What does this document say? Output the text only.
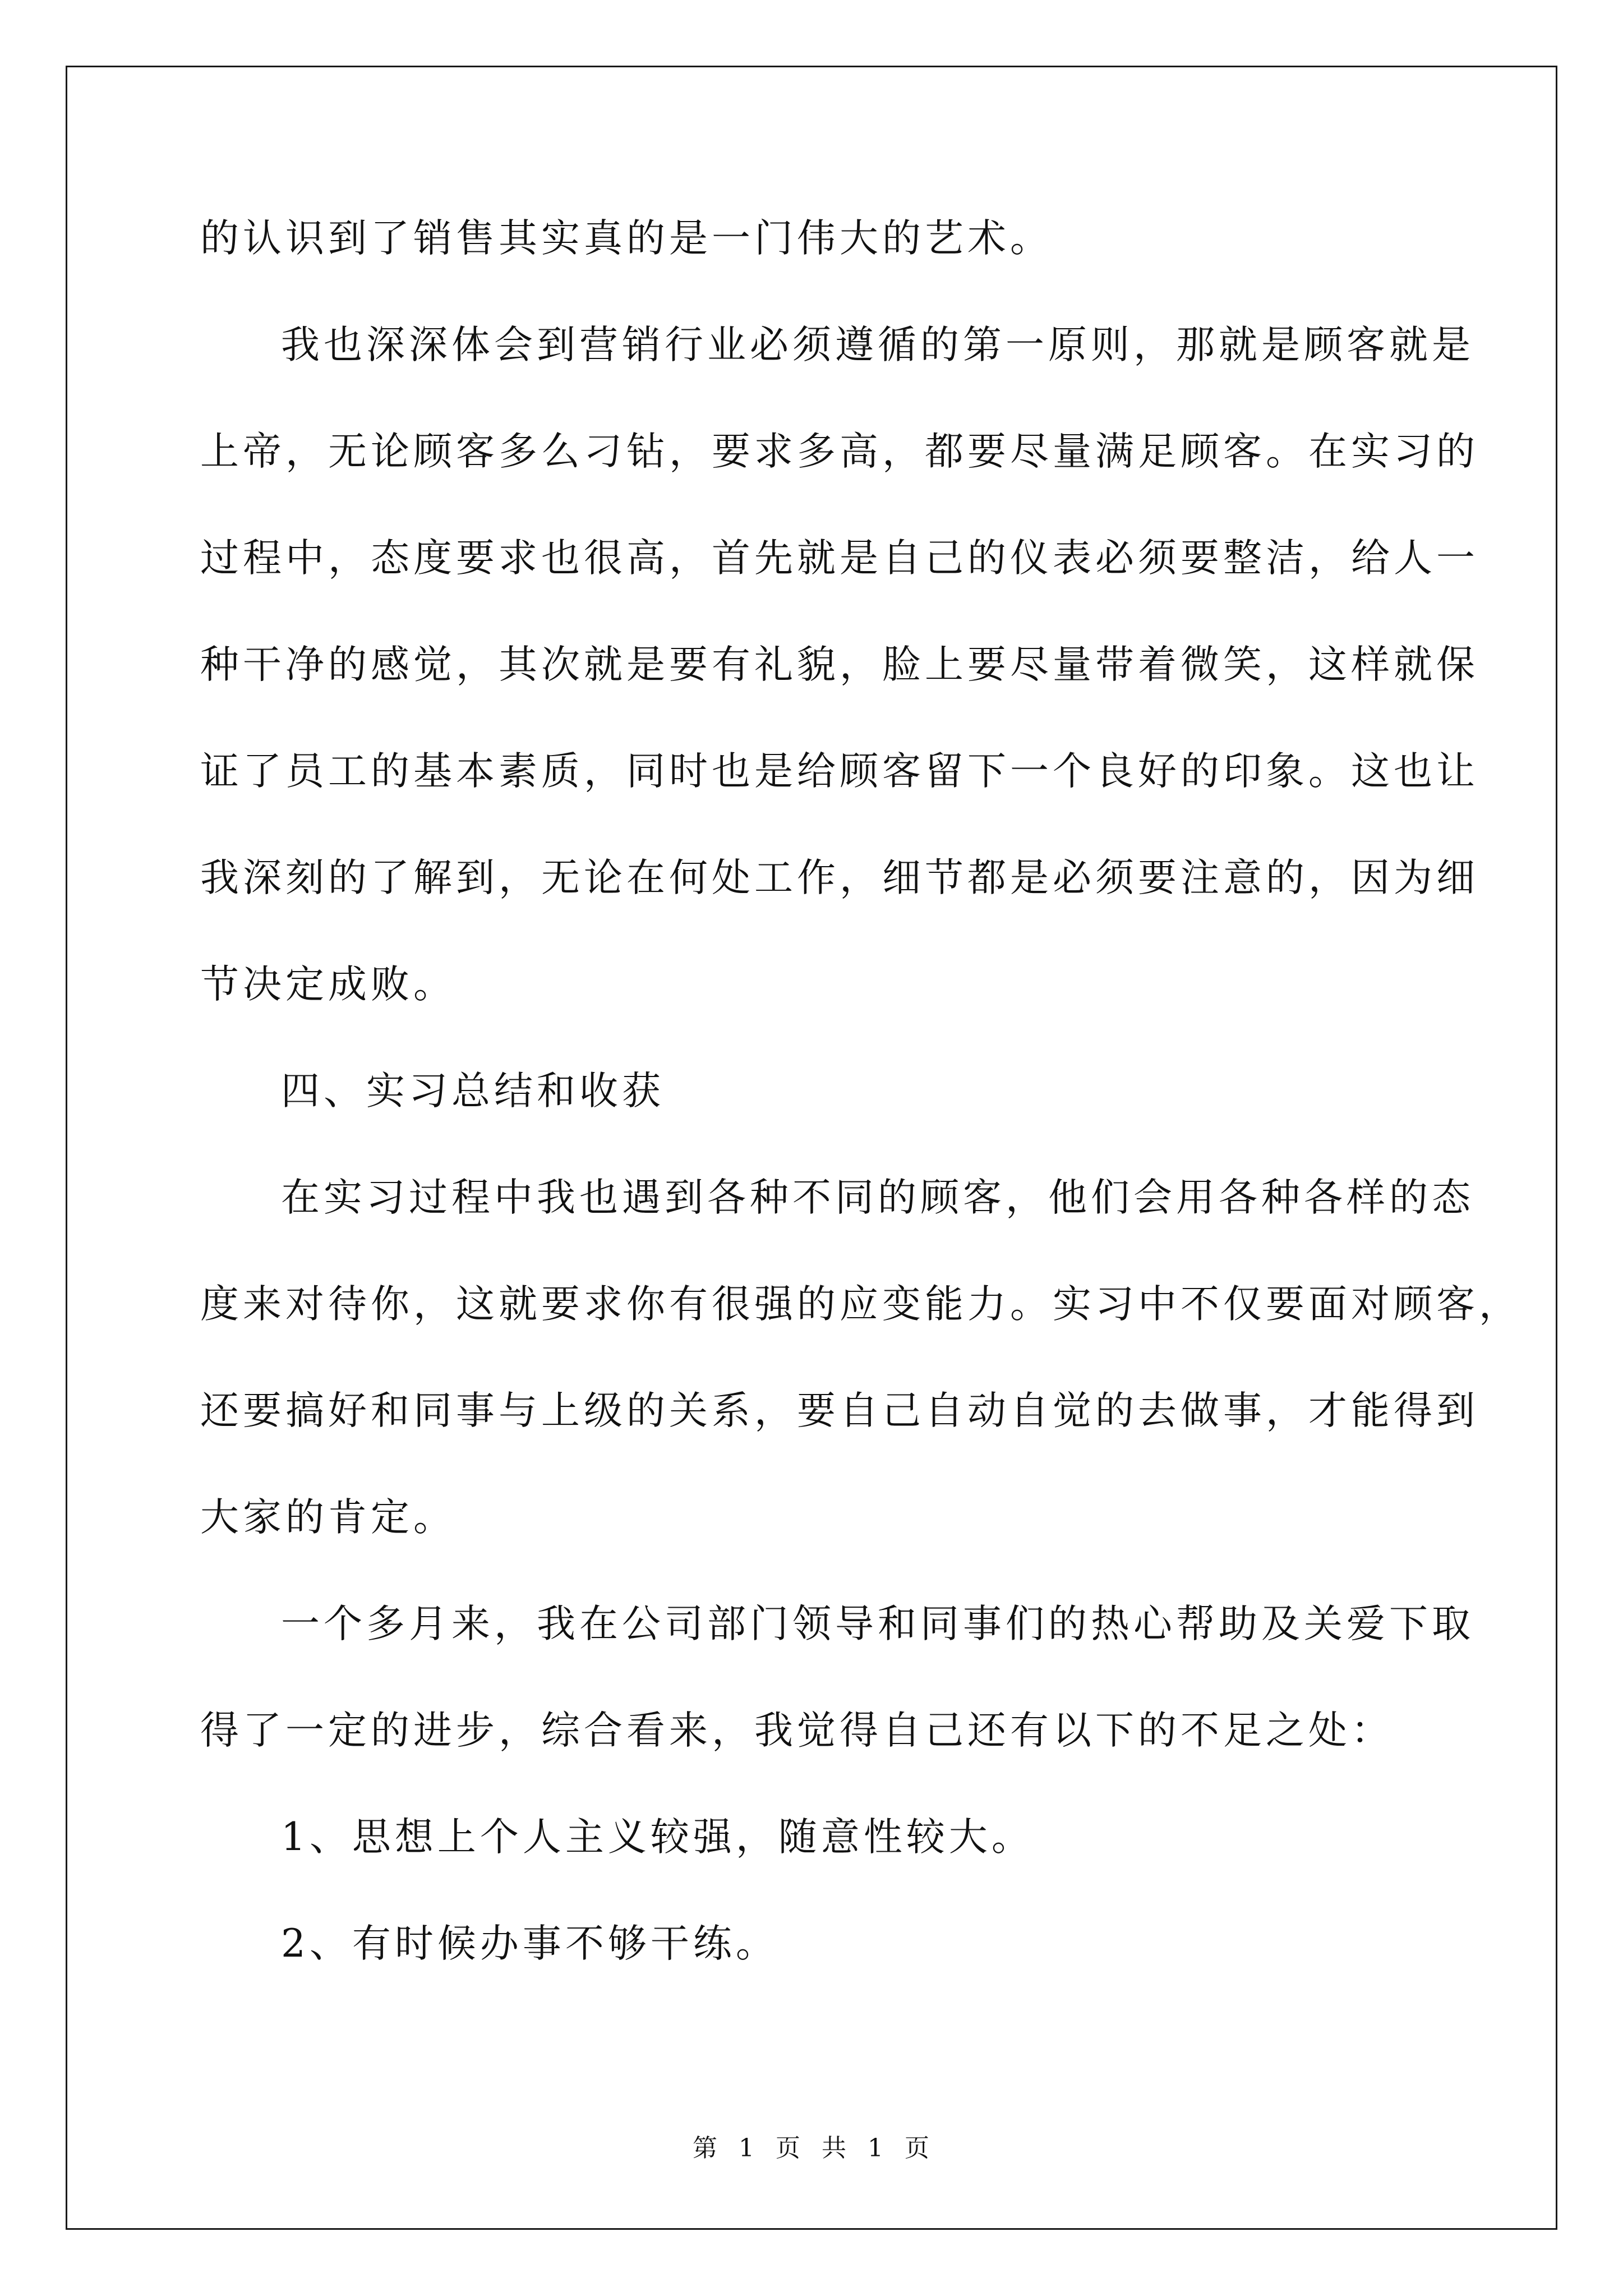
的认识到了销售其实真的是一门伟大的艺术。
我也深深体会到营销行业必须遵循的第一原则，那就是顾客就是
上帝，无论顾客多么刁钻，要求多高，都要尽量满足顾客。在实习的
过程中，态度要求也很高，首先就是自己的仪表必须要整洁，给人一
种干净的感觉，其次就是要有礼貌，脸上要尽量带着微笑，这样就保
证了员工的基本素质，同时也是给顾客留下一个良好的印象。这也让
我深刻的了解到，无论在何处工作，细节都是必须要注意的，因为细
节决定成败。
四、实习总结和收获
在实习过程中我也遇到各种不同的顾客，他们会用各种各样的态
度来对待你，这就要求你有很强的应变能力。实习中不仅要面对顾客，
还要搞好和同事与上级的关系，要自己自动自觉的去做事，才能得到
大家的肯定。
一个多月来，我在公司部门领导和同事们的热心帮助及关爱下取
得了一定的进步，综合看来，我觉得自己还有以下的不足之处：
1、思想上个人主义较强，随意性较大。
2、有时候办事不够干练。
第 1 页 共 1 页
